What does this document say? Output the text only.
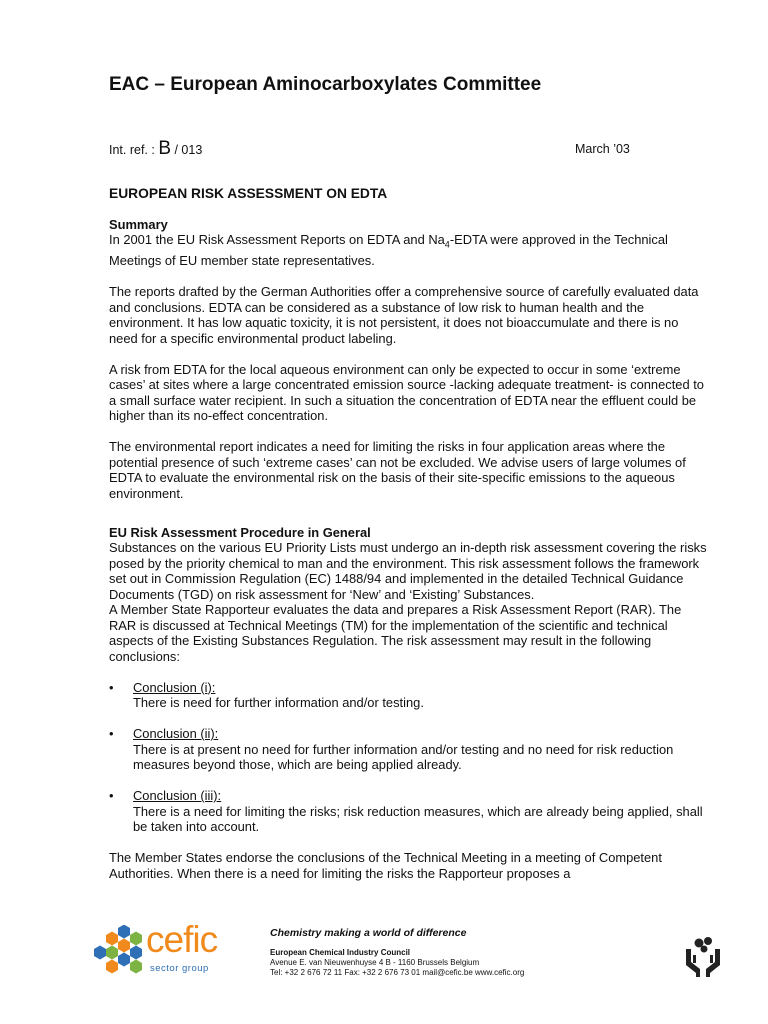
EAC – European Aminocarboxylates Committee
Int. ref. : B / 013	March ’03
EUROPEAN RISK ASSESSMENT ON EDTA
Summary

In 2001 the EU Risk Assessment Reports on EDTA and $Na_4$-EDTA were approved in the Technical Meetings of EU member state representatives.

The reports drafted by the German Authorities offer a comprehensive source of carefully evaluated data and conclusions. EDTA can be considered as a substance of low risk to human health and the environment. It has low aquatic toxicity, it is not persistent, it does not bioaccumulate and there is no need for a specific environmental product labeling.

A risk from EDTA for the local aqueous environment can only be expected to occur in some ‘extreme cases’ at sites where a large concentrated emission source -lacking adequate treatment- is connected to a small surface water recipient. In such a situation the concentration of EDTA near the effluent could be higher than its no-effect concentration.

The environmental report indicates a need for limiting the risks in four application areas where the potential presence of such ‘extreme cases’ can not be excluded. We advise users of large volumes of EDTA to evaluate the environmental risk on the basis of their site-specific emissions to the aqueous environment.

EU Risk Assessment Procedure in General

Substances on the various EU Priority Lists must undergo an in-depth risk assessment covering the risks posed by the priority chemical to man and the environment. This risk assessment follows the framework set out in Commission Regulation (EC) 1488/94 and implemented in the detailed Technical Guidance Documents (TGD) on risk assessment for ‘New’ and ‘Existing’ Substances.

A Member State Rapporteur evaluates the data and prepares a Risk Assessment Report (RAR). The RAR is discussed at Technical Meetings (TM) for the implementation of the scientific and technical aspects of the Existing Substances Regulation. The risk assessment may result in the following conclusions:

• Conclusion (i):
There is need for further information and/or testing.
• Conclusion (ii):
There is at present no need for further information and/or testing and no need for risk reduction measures beyond those, which are being applied already.
• Conclusion (iii):
There is a need for limiting the risks; risk reduction measures, which are already being applied, shall be taken into account.

The Member States endorse the conclusions of the Technical Meeting in a meeting of Competent Authorities. When there is a need for limiting the risks the Rapporteur proposes a

cefic
sector group
Chemistry making a world of difference
European Chemical Industry Council
Avenue E. van Nieuwenhuyse 4 B - 1160 Brussels Belgium
Tel: +32 2 676 72 11 Fax: +32 2 676 73 01 mail@cefic.be www.cefic.org
